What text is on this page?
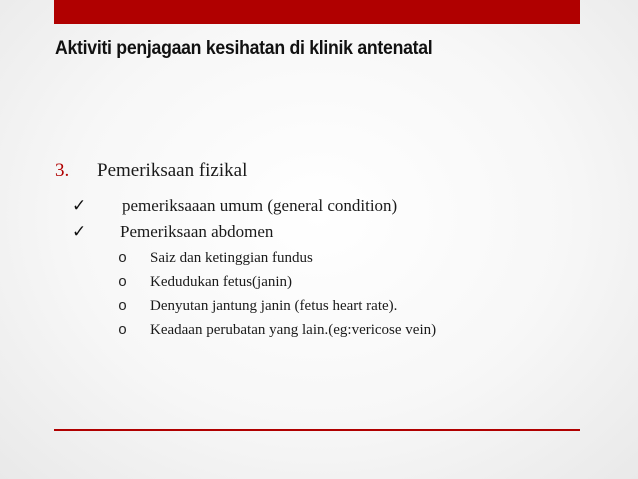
Aktiviti penjagaan kesihatan di klinik antenatal
3. Pemeriksaan fizikal
✓ pemeriksaaan umum (general condition)
✓ Pemeriksaan abdomen
o Saiz dan ketinggian fundus
o Kedudukan fetus(janin)
o Denyutan jantung janin (fetus heart rate).
o Keadaan perubatan yang lain.(eg:vericose vein)
